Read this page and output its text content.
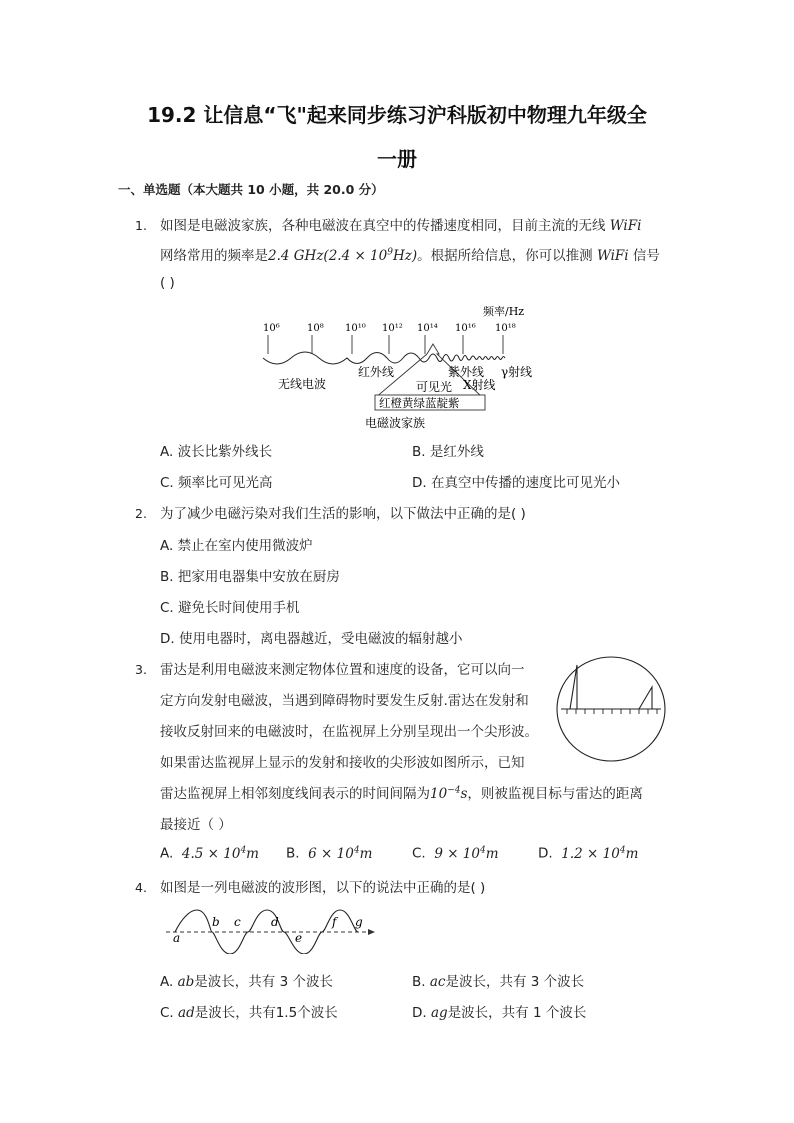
19.2 让信息“飞"起来同步练习沪科版初中物理九年级全
一册
一、单选题（本大题共 10 小题，共 20.0 分）
1. 如图是电磁波家族，各种电磁波在真空中的传播速度相同，目前主流的无线 WiFi
网络常用的频率是2.4 $GHz(2.4 \times 10^9Hz)$。根据所给信息，你可以推测 WiFi 信号
( )
频率/Hz
10⁶	10⁸ 10¹⁰ 10¹² 10¹⁴ 10¹⁶ 10¹⁸
红橙黄绿蓝靛紫
无线电波
红外线
可见光
紫外线
X射线
γ射线
电磁波家族
A. 波长比紫外线长	B. 是红外线
C. 频率比可见光高	D. 在真空中传播的速度比可见光小
2. 为了减少电磁污染对我们生活的影响，以下做法中正确的是( )
A. 禁止在室内使用微波炉
B. 把家用电器集中安放在厨房
C. 避免长时间使用手机
D. 使用电器时，离电器越近，受电磁波的辐射越小
3. 雷达是利用电磁波来测定物体位置和速度的设备，它可以向一
定方向发射电磁波，当遇到障碍物时要发生反射.雷达在发射和
接收反射回来的电磁波时，在监视屏上分别呈现出一个尖形波。
如果雷达监视屏上显示的发射和接收的尖形波如图所示，已知
雷达监视屏上相邻刻度线间表示的时间间隔为$10^{-4}s$，则被监视目标与雷达的距离
最接近（ ）
A. $4.5 \times 10^4m$ B. $6 \times 10^4m$	C. $9 \times 10^4m$	D. $1.2 \times 10^4m$
4. 如图是一列电磁波的波形图，以下的说法中正确的是( )
a
b c	d
e
f g
A. ab是波长，共有 3 个波长	B. ac是波长，共有 3 个波长
C. ad是波长，共有1.5个波长	D. ag是波长，共有 1 个波长
